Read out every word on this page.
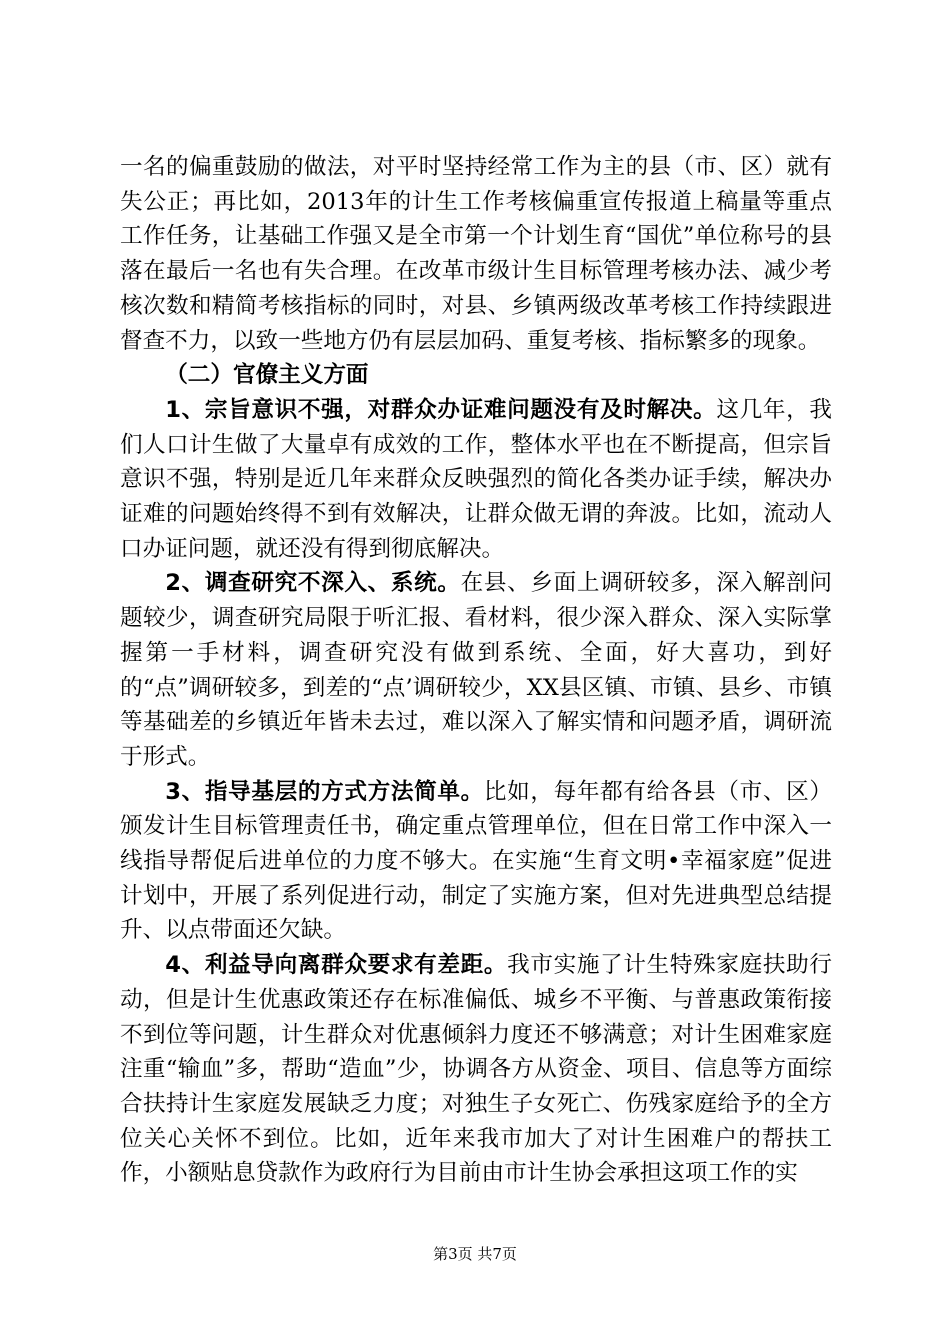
一名的偏重鼓励的做法，对平时坚持经常工作为主的县（市、区）就有失公正；再比如，2013年的计生工作考核偏重宣传报道上稿量等重点工作任务，让基础工作强又是全市第一个计划生育“国优”单位称号的县落在最后一名也有失合理。在改革市级计生目标管理考核办法、减少考核次数和精简考核指标的同时，对县、乡镇两级改革考核工作持续跟进督查不力，以致一些地方仍有层层加码、重复考核、指标繁多的现象。

（二）官僚主义方面

1、宗旨意识不强，对群众办证难问题没有及时解决。这几年，我们人口计生做了大量卓有成效的工作，整体水平也在不断提高，但宗旨意识不强，特别是近几年来群众反映强烈的简化各类办证手续，解决办证难的问题始终得不到有效解决，让群众做无谓的奔波。比如，流动人口办证问题，就还没有得到彻底解决。

2、调查研究不深入、系统。在县、乡面上调研较多，深入解剖问题较少，调查研究局限于听汇报、看材料，很少深入群众、深入实际掌握第一手材料，调查研究没有做到系统、全面，好大喜功，到好的“点”调研较多，到差的“点’调研较少，XX县区镇、市镇、县乡、市镇等基础差的乡镇近年皆未去过，难以深入了解实情和问题矛盾，调研流于形式。

3、指导基层的方式方法简单。比如，每年都有给各县（市、区）颁发计生目标管理责任书，确定重点管理单位，但在日常工作中深入一线指导帮促后进单位的力度不够大。在实施“生育文明•幸福家庭”促进计划中，开展了系列促进行动，制定了实施方案，但对先进典型总结提升、以点带面还欠缺。

4、利益导向离群众要求有差距。我市实施了计生特殊家庭扶助行动，但是计生优惠政策还存在标准偏低、城乡不平衡、与普惠政策衔接不到位等问题，计生群众对优惠倾斜力度还不够满意；对计生困难家庭注重“输血”多，帮助“造血”少，协调各方从资金、项目、信息等方面综合扶持计生家庭发展缺乏力度；对独生子女死亡、伤残家庭给予的全方位关心关怀不到位。比如，近年来我市加大了对计生困难户的帮扶工作，小额贴息贷款作为政府行为目前由市计生协会承担这项工作的实

第3页 共7页
